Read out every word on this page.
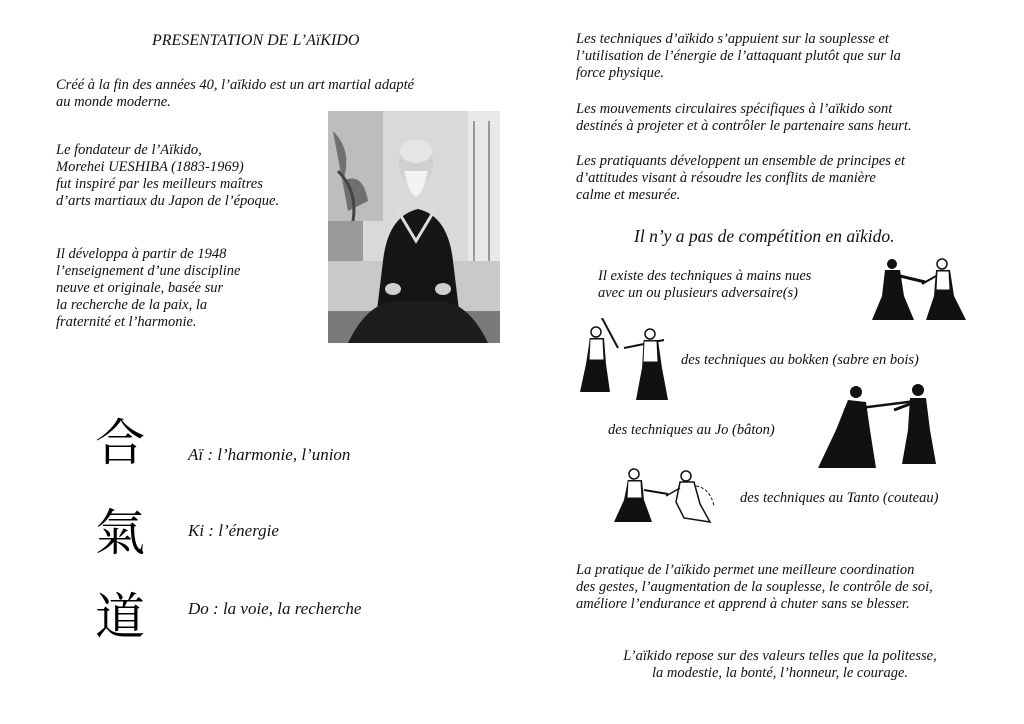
PRESENTATION DE L’AïKIDO

Créé à la fin des années 40, l’aïkido est un art martial adapté
au monde moderne.

Le fondateur de l’Aïkido,
Morehei UESHIBA (1883-1969)
fut inspiré par les meilleurs maîtres
d’arts martiaux du Japon de l’époque.

Il développa à partir de 1948
l’enseignement d’une discipline
neuve et originale, basée sur
la recherche de la paix, la
fraternité et l’harmonie.

合
氣
道
Aï : l’harmonie, l’union
Ki : l’énergie
Do : la voie, la recherche

Les techniques d’aïkido s’appuient sur la souplesse et
l’utilisation de l’énergie de l’attaquant plutôt que sur la
force physique.

Les mouvements circulaires spécifiques à l’aïkido sont
destinés à projeter et à contrôler le partenaire sans heurt.

Les pratiquants développent un ensemble de principes et
d’attitudes visant à résoudre les conflits de manière
calme et mesurée.

Il n’y a pas de compétition en aïkido.

Il existe des techniques à mains nues
avec un ou plusieurs adversaire(s)

des techniques au bokken (sabre en bois)
des techniques au Jo (bâton)
des techniques au Tanto (couteau)

La pratique de l’aïkido permet une meilleure coordination
des gestes, l’augmentation de la souplesse, le contrôle de soi,
améliore l’endurance et apprend à chuter sans se blesser.

L’aïkido repose sur des valeurs telles que la politesse,
la modestie, la bonté, l’honneur, le courage.
